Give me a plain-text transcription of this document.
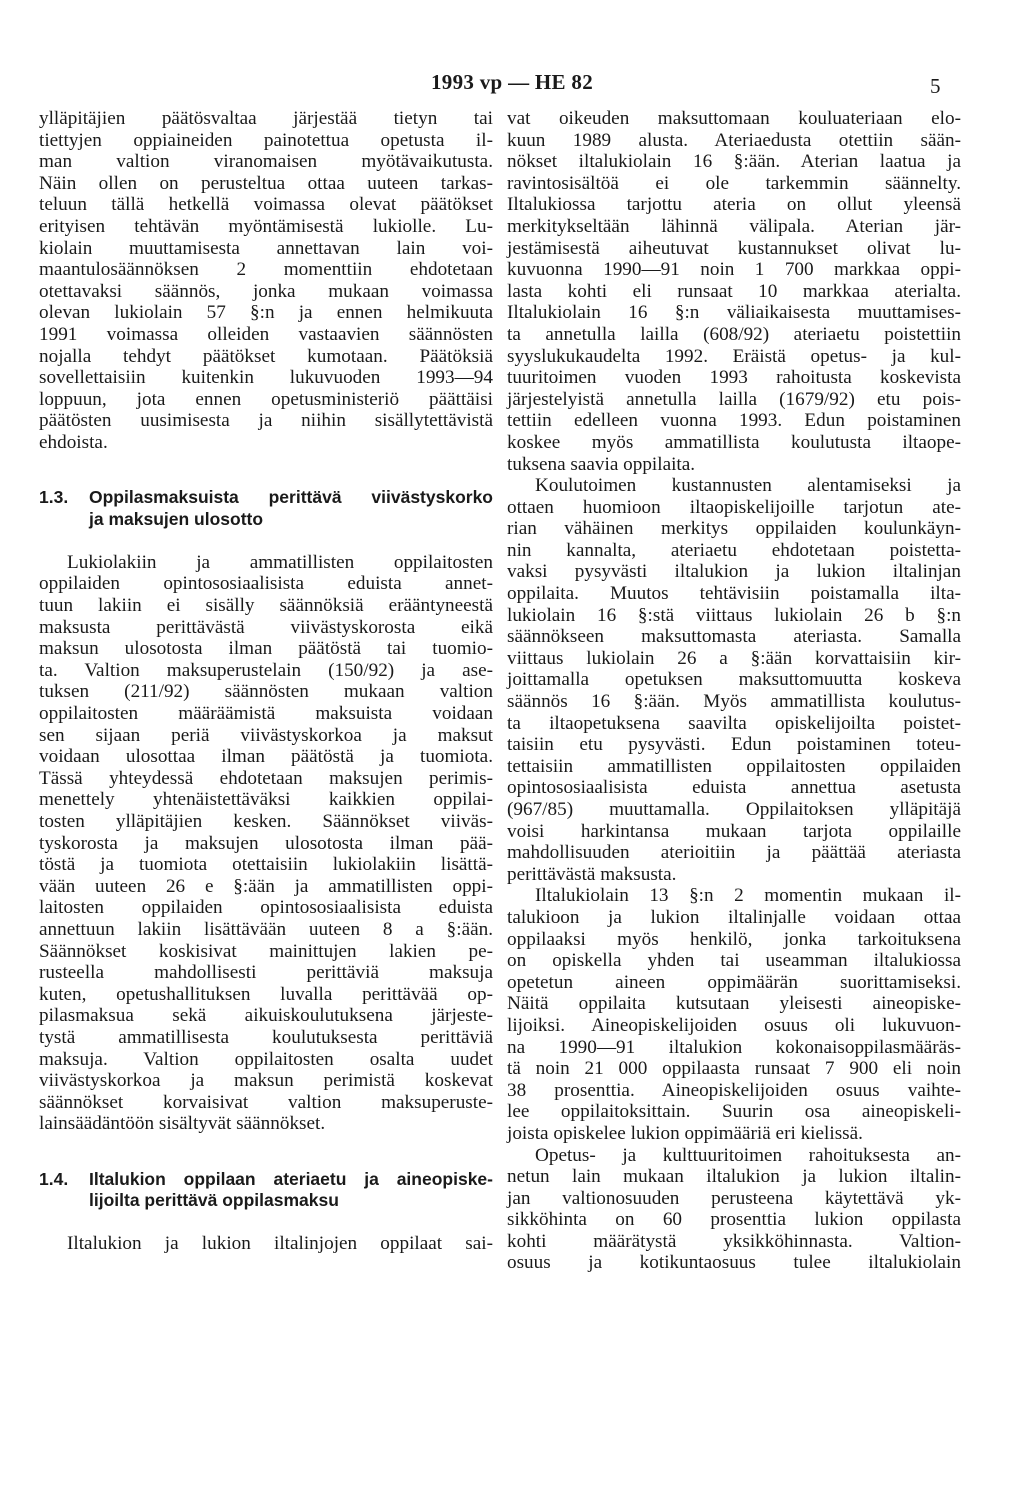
1993 vp — HE 82	5
ylläpitäjien päätösvaltaa järjestää tietyn tai
tiettyjen oppiaineiden painotettua opetusta il-
man valtion viranomaisen myötävaikutusta.
Näin ollen on perusteltua ottaa uuteen tarkas-
teluun tällä hetkellä voimassa olevat päätökset
erityisen tehtävän myöntämisestä lukiolle. Lu-
kiolain muuttamisesta annettavan lain voi-
maantulosäännöksen 2 momenttiin ehdotetaan
otettavaksi säännös, jonka mukaan voimassa
olevan lukiolain 57 §:n ja ennen helmikuuta
1991 voimassa olleiden vastaavien säännösten
nojalla tehdyt päätökset kumotaan. Päätöksiä
sovellettaisiin kuitenkin lukuvuoden 1993—94
loppuun, jota ennen opetusministeriö päättäisi
päätösten uusimisesta ja niihin sisällytettävistä
ehdoista.
1.3. Oppilasmaksuista perittävä viivästyskorko
ja maksujen ulosotto
Lukiolakiin ja ammatillisten oppilaitosten
oppilaiden opintososiaalisista eduista annet-
tuun lakiin ei sisälly säännöksiä erääntyneestä
maksusta perittävästä viivästyskorosta eikä
maksun ulosotosta ilman päätöstä tai tuomio-
ta. Valtion maksuperustelain (150/92) ja ase-
tuksen (211/92) säännösten mukaan valtion
oppilaitosten määräämistä maksuista voidaan
sen sijaan periä viivästyskorkoa ja maksut
voidaan ulosottaa ilman päätöstä ja tuomiota.
Tässä yhteydessä ehdotetaan maksujen perimis-
menettely yhtenäistettäväksi kaikkien oppilai-
tosten ylläpitäjien kesken. Säännökset viiväs-
tyskorosta ja maksujen ulosotosta ilman pää-
töstä ja tuomiota otettaisiin lukiolakiin lisättä-
vään uuteen 26 e §:ään ja ammatillisten oppi-
laitosten oppilaiden opintososiaalisista eduista
annettuun lakiin lisättävään uuteen 8 a §:ään.
Säännökset koskisivat mainittujen lakien pe-
rusteella mahdollisesti perittäviä maksuja
kuten, opetushallituksen luvalla perittävää op-
pilasmaksua sekä aikuiskoulutuksena järjeste-
tystä ammatillisesta koulutuksesta perittäviä
maksuja. Valtion oppilaitosten osalta uudet
viivästyskorkoa ja maksun perimistä koskevat
säännökset korvaisivat valtion maksuperuste-
lainsäädäntöön sisältyvät säännökset.
1.4. Iltalukion oppilaan ateriaetu ja aineopiske-
lijoilta perittävä oppilasmaksu
Iltalukion ja lukion iltalinjojen oppilaat sai-
vat oikeuden maksuttomaan kouluateriaan elo-
kuun 1989 alusta. Ateriaedusta otettiin sään-
nökset iltalukiolain 16 §:ään. Aterian laatua ja
ravintosisältöä ei ole tarkemmin säännelty.
Iltalukiossa tarjottu ateria on ollut yleensä
merkitykseltään lähinnä välipala. Aterian jär-
jestämisestä aiheutuvat kustannukset olivat lu-
kuvuonna 1990—91 noin 1 700 markkaa oppi-
lasta kohti eli runsaat 10 markkaa aterialta.
Iltalukiolain 16 §:n väliaikaisesta muuttamises-
ta annetulla lailla (608/92) ateriaetu poistettiin
syyslukukaudelta 1992. Eräistä opetus- ja kul-
tuuritoimen vuoden 1993 rahoitusta koskevista
järjestelyistä annetulla lailla (1679/92) etu pois-
tettiin edelleen vuonna 1993. Edun poistaminen
koskee myös ammatillista koulutusta iltaope-
tuksena saavia oppilaita.
Koulutoimen kustannusten alentamiseksi ja
ottaen huomioon iltaopiskelijoille tarjotun ate-
rian vähäinen merkitys oppilaiden koulunkäyn-
nin kannalta, ateriaetu ehdotetaan poistetta-
vaksi pysyvästi iltalukion ja lukion iltalinjan
oppilaita. Muutos tehtävisiin poistamalla ilta-
lukiolain 16 §:stä viittaus lukiolain 26 b §:n
säännökseen maksuttomasta ateriasta. Samalla
viittaus lukiolain 26 a §:ään korvattaisiin kir-
joittamalla opetuksen maksuttomuutta koskeva
säännös 16 §:ään. Myös ammatillista koulutus-
ta iltaopetuksena saavilta opiskelijoilta poistet-
taisiin etu pysyvästi. Edun poistaminen toteu-
tettaisiin ammatillisten oppilaitosten oppilaiden
opintososiaalisista eduista annettua asetusta
(967/85) muuttamalla. Oppilaitoksen ylläpitäjä
voisi harkintansa mukaan tarjota oppilaille
mahdollisuuden aterioitiin ja päättää ateriasta
perittävästä maksusta.
Iltalukiolain 13 §:n 2 momentin mukaan il-
talukioon ja lukion iltalinjalle voidaan ottaa
oppilaaksi myös henkilö, jonka tarkoituksena
on opiskella yhden tai useamman iltalukiossa
opetetun aineen oppimäärän suorittamiseksi.
Näitä oppilaita kutsutaan yleisesti aineopiske-
lijoiksi. Aineopiskelijoiden osuus oli lukuvuon-
na 1990—91 iltalukion kokonaisoppilasmääräs-
tä noin 21 000 oppilaasta runsaat 7 900 eli noin
38 prosenttia. Aineopiskelijoiden osuus vaihte-
lee oppilaitoksittain. Suurin osa aineopiskeli-
joista opiskelee lukion oppimääriä eri kielissä.
Opetus- ja kulttuuritoimen rahoituksesta an-
netun lain mukaan iltalukion ja lukion iltalin-
jan valtionosuuden perusteena käytettävä yk-
sikköhinta on 60 prosenttia lukion oppilasta
kohti määrätystä yksikköhinnasta. Valtion-
osuus ja kotikuntaosuus tulee iltalukiolain
